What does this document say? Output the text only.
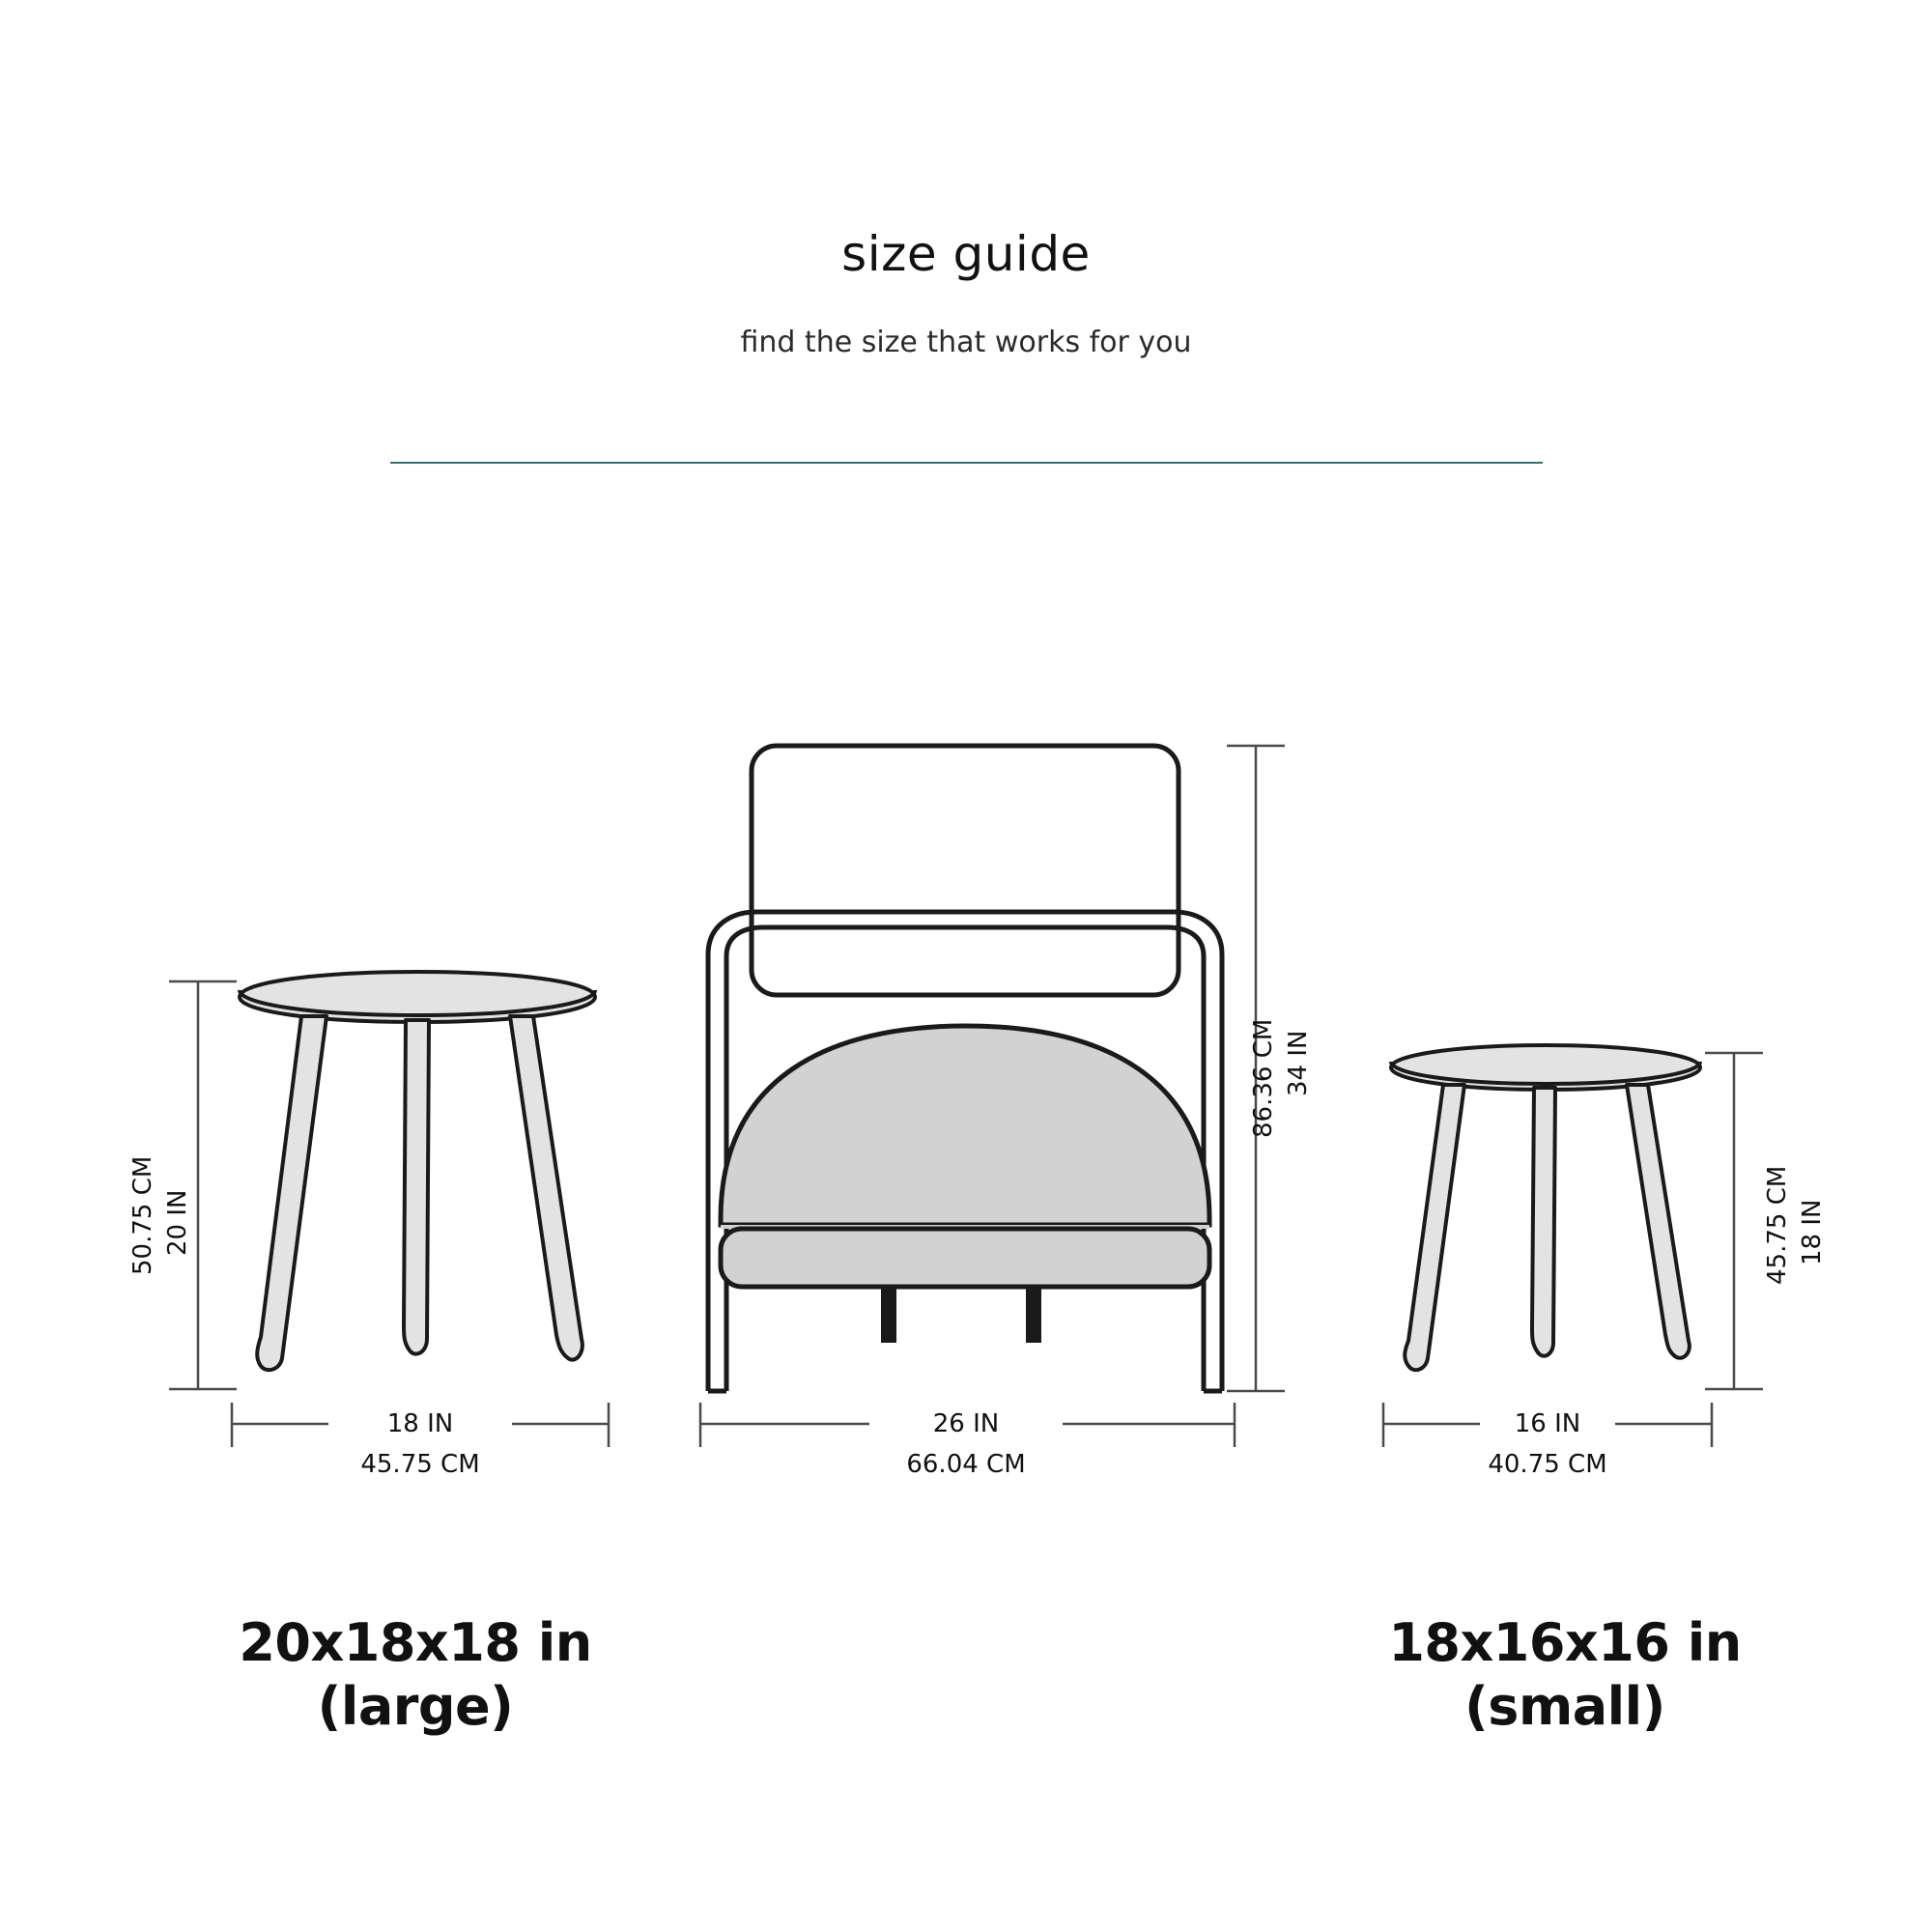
size guide
find the size that works for you
20 IN
50.75 CM
18 IN
45.75 CM
34 IN
86.36 CM
26 IN
66.04 CM
18 IN
45.75 CM
16 IN
40.75 CM
20x18x18 in
(large)
18x16x16 in
(small)
